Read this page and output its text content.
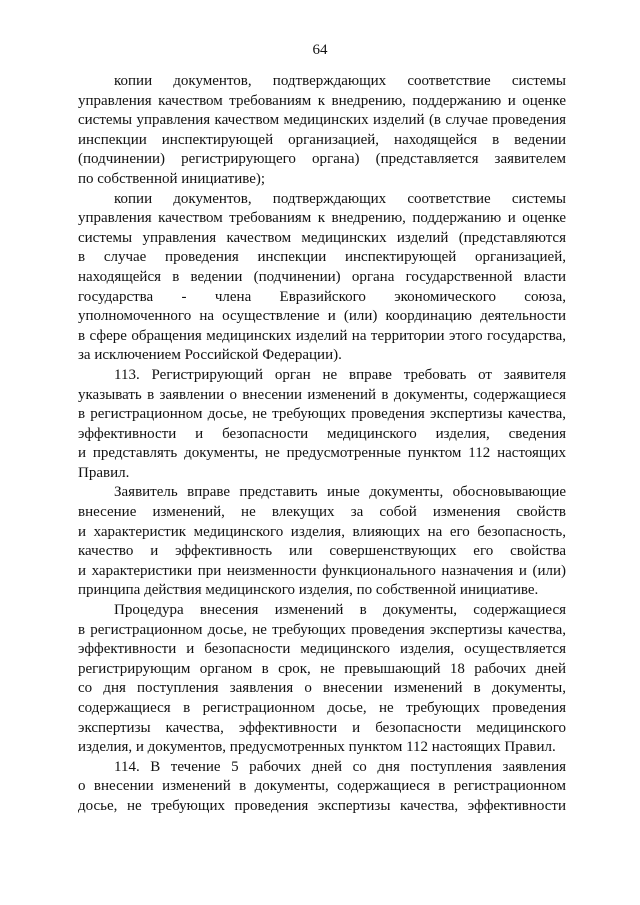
64

копии документов, подтверждающих соответствие системы
управления качеством требованиям к внедрению, поддержанию и оценке
системы управления качеством медицинских изделий (в случае проведения
инспекции инспектирующей организацией, находящейся в ведении
(подчинении) регистрирующего органа) (представляется заявителем
по собственной инициативе);

копии документов, подтверждающих соответствие системы
управления качеством требованиям к внедрению, поддержанию и оценке
системы управления качеством медицинских изделий (представляются
в случае проведения инспекции инспектирующей организацией,
находящейся в ведении (подчинении) органа государственной власти
государства - члена Евразийского экономического союза,
уполномоченного на осуществление и (или) координацию деятельности
в сфере обращения медицинских изделий на территории этого государства,
за исключением Российской Федерации).

113. Регистрирующий орган не вправе требовать от заявителя
указывать в заявлении о внесении изменений в документы, содержащиеся
в регистрационном досье, не требующих проведения экспертизы качества,
эффективности и безопасности медицинского изделия, сведения
и представлять документы, не предусмотренные пунктом 112 настоящих
Правил.

Заявитель вправе представить иные документы, обосновывающие
внесение изменений, не влекущих за собой изменения свойств
и характеристик медицинского изделия, влияющих на его безопасность,
качество и эффективность или совершенствующих его свойства
и характеристики при неизменности функционального назначения и (или)
принципа действия медицинского изделия, по собственной инициативе.

Процедура внесения изменений в документы, содержащиеся
в регистрационном досье, не требующих проведения экспертизы качества,
эффективности и безопасности медицинского изделия, осуществляется
регистрирующим органом в срок, не превышающий 18 рабочих дней
со дня поступления заявления о внесении изменений в документы,
содержащиеся в регистрационном досье, не требующих проведения
экспертизы качества, эффективности и безопасности медицинского
изделия, и документов, предусмотренных пунктом 112 настоящих Правил.

114. В течение 5 рабочих дней со дня поступления заявления
о внесении изменений в документы, содержащиеся в регистрационном
досье, не требующих проведения экспертизы качества, эффективности
